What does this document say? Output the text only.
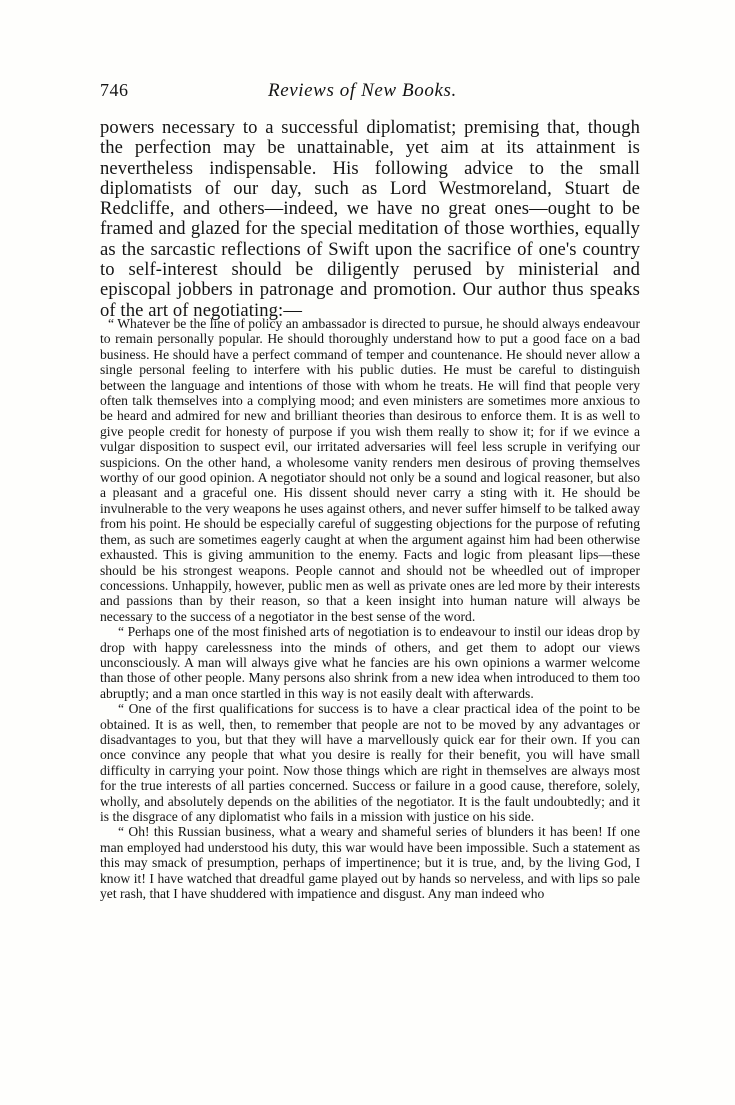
746	Reviews of New Books.

powers necessary to a successful diplomatist; premising that, though the perfection may be unattainable, yet aim at its attainment is nevertheless indispensable. His following advice to the small diplomatists of our day, such as Lord Westmoreland, Stuart de Redcliffe, and others—indeed, we have no great ones—ought to be framed and glazed for the special meditation of those worthies, equally as the sarcastic reflections of Swift upon the sacrifice of one's country to self-interest should be diligently perused by ministerial and episcopal jobbers in patronage and promotion. Our author thus speaks of the art of negotiating:—

“ Whatever be the line of policy an ambassador is directed to pursue, he should always endeavour to remain personally popular. He should thoroughly understand how to put a good face on a bad business. He should have a perfect command of temper and countenance. He should never allow a single personal feeling to interfere with his public duties. He must be careful to distinguish between the language and intentions of those with whom he treats. He will find that people very often talk themselves into a complying mood; and even ministers are sometimes more anxious to be heard and admired for new and brilliant theories than desirous to enforce them. It is as well to give people credit for honesty of purpose if you wish them really to show it; for if we evince a vulgar disposition to suspect evil, our irritated adversaries will feel less scruple in verifying our suspicions. On the other hand, a wholesome vanity renders men desirous of proving themselves worthy of our good opinion. A negotiator should not only be a sound and logical reasoner, but also a pleasant and a graceful one. His dissent should never carry a sting with it. He should be invulnerable to the very weapons he uses against others, and never suffer himself to be talked away from his point. He should be especially careful of suggesting objections for the purpose of refuting them, as such are sometimes eagerly caught at when the argument against him had been otherwise exhausted. This is giving ammunition to the enemy. Facts and logic from pleasant lips—these should be his strongest weapons. People cannot and should not be wheedled out of improper concessions. Unhappily, however, public men as well as private ones are led more by their interests and passions than by their reason, so that a keen insight into human nature will always be necessary to the success of a negotiator in the best sense of the word.

“ Perhaps one of the most finished arts of negotiation is to endeavour to instil our ideas drop by drop with happy carelessness into the minds of others, and get them to adopt our views unconsciously. A man will always give what he fancies are his own opinions a warmer welcome than those of other people. Many persons also shrink from a new idea when introduced to them too abruptly; and a man once startled in this way is not easily dealt with afterwards.

“ One of the first qualifications for success is to have a clear practical idea of the point to be obtained. It is as well, then, to remember that people are not to be moved by any advantages or disadvantages to you, but that they will have a marvellously quick ear for their own. If you can once convince any people that what you desire is really for their benefit, you will have small difficulty in carrying your point. Now those things which are right in themselves are always most for the true interests of all parties concerned. Success or failure in a good cause, therefore, solely, wholly, and absolutely depends on the abilities of the negotiator. It is the fault undoubtedly; and it is the disgrace of any diplomatist who fails in a mission with justice on his side.

“ Oh! this Russian business, what a weary and shameful series of blunders it has been! If one man employed had understood his duty, this war would have been impossible. Such a statement as this may smack of presumption, perhaps of impertinence; but it is true, and, by the living God, I know it! I have watched that dreadful game played out by hands so nerveless, and with lips so pale yet rash, that I have shuddered with impatience and disgust. Any man indeed who
